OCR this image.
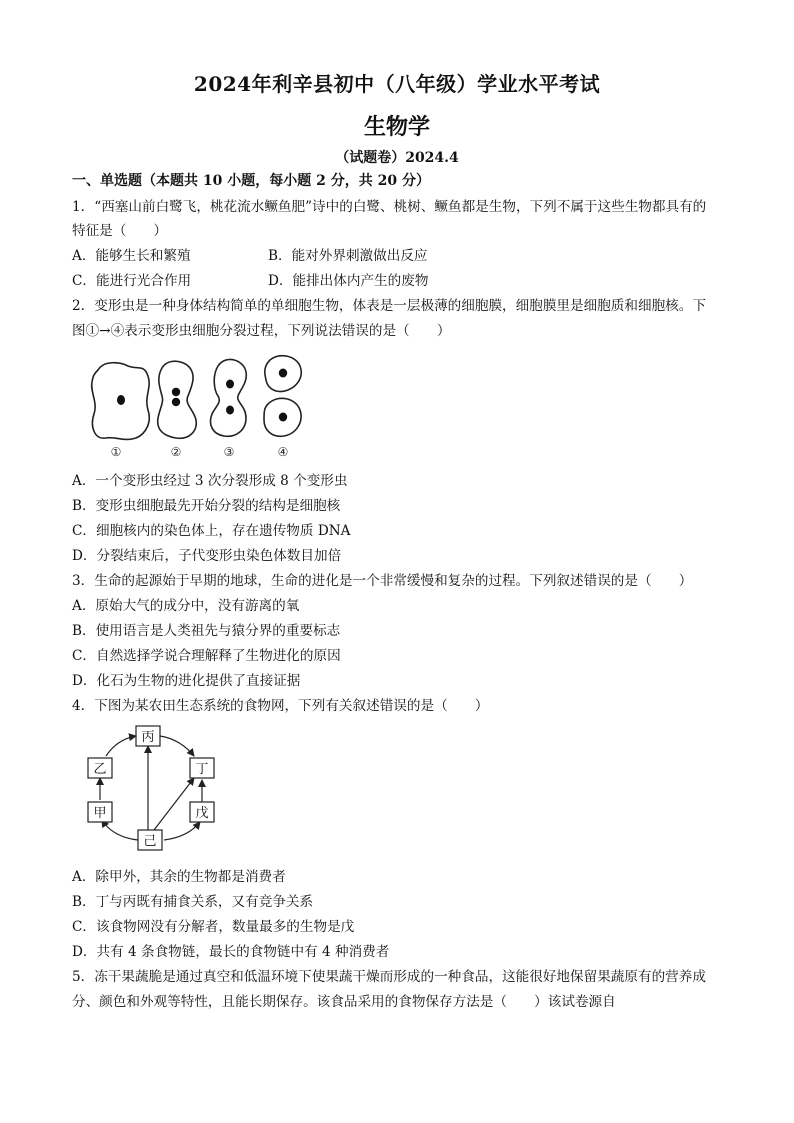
2024年利辛县初中（八年级）学业水平考试
生物学
（试题卷）2024.4
一、单选题（本题共 10 小题，每小题 2 分，共 20 分）
1．“西塞山前白鹭飞，桃花流水鳜鱼肥”诗中的白鹭、桃树、鳜鱼都是生物，下列不属于这些生物都具有的
特征是（　　）
A．能够生长和繁殖	B．能对外界刺激做出反应
C．能进行光合作用	D．能排出体内产生的废物
2．变形虫是一种身体结构简单的单细胞生物，体表是一层极薄的细胞膜，细胞膜里是细胞质和细胞核。下
图①→④表示变形虫细胞分裂过程，下列说法错误的是（　　）
①	②	③	④
A．一个变形虫经过 3 次分裂形成 8 个变形虫
B．变形虫细胞最先开始分裂的结构是细胞核
C．细胞核内的染色体上，存在遗传物质 DNA
D．分裂结束后，子代变形虫染色体数目加倍
3．生命的起源始于早期的地球，生命的进化是一个非常缓慢和复杂的过程。下列叙述错误的是（　　）
A．原始大气的成分中，没有游离的氧
B．使用语言是人类祖先与猿分界的重要标志
C．自然选择学说合理解释了生物进化的原因
D．化石为生物的进化提供了直接证据
4．下图为某农田生态系统的食物网，下列有关叙述错误的是（　　）
丙
乙	丁
甲	戊
己
A．除甲外，其余的生物都是消费者
B．丁与丙既有捕食关系，又有竞争关系
C．该食物网没有分解者，数量最多的生物是戊
D．共有 4 条食物链，最长的食物链中有 4 种消费者
5．冻干果蔬脆是通过真空和低温环境下使果蔬干燥而形成的一种食品，这能很好地保留果蔬原有的营养成
分、颜色和外观等特性，且能长期保存。该食品采用的食物保存方法是（　　）该试卷源自
